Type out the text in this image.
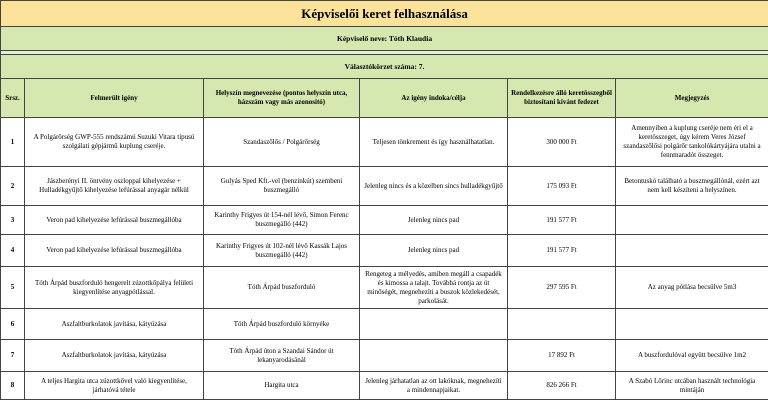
Képviselői keret felhasználása					
Képviselő neve: Tóth Klaudia					

Választókörzet száma: 7.					
Srsz.	Felmerült igény	Helyszín megnevezése (pontos helyszín utca, házszám vagy más azonosító)	Az igény indoka/célja	Rendelkezésre álló keretösszegből biztosítani kívánt fedezet	Megjegyzés
1	A Polgárőrség GWP-555 rendszámú Suzuki Vitara típusú szolgálati gépjármű kuplung cseréje.	Szandaszőlős / Polgárőrség	Teljesen tönkrement és így használhatatlan.	300 000 Ft	Amennyiben a kuplung cseréje nem éri el a keretösszeget, úgy kérem Veres József szandaszőlősi polgárőr tankolókártyájára utalni a fennmaradót összeget.
2	Jászberényi II. öntvény oszloppal kihelyezése + Hulladékgyűjtő kihelyezése lefúrással anyagár nélkül	Gulyás Sped Kft.-vel (benzinkút) szembeni buszmegálló	Jelenleg nincs és a közelben sincs hulladékgyűjtő	175 093 Ft	Betontuskó található a buszmegállónál, ezért azt nem kell készíteni a helyszínen.
3	Veron pad kihelyezése lefúrással buszmegállóba	Karinthy Frigyes út 154-nél lévő, Simon Ferenc buszmegálló (442)	Jelenleg nincs pad	191 577 Ft	
4	Veron pad kihelyezése lefúrással buszmegállóba	Karinthy Frigyes út 102-nél lévő Kassák Lajos buszmegálló (442)	Jelenleg nincs pad	191 577 Ft	
5	Tóth Árpád buszforduló hengerelt zúzottkőpálya felületi kiegyenlítése anyagpótlással.	Tóth Árpád buszforduló	Rengeteg a mélyedés, amiben megáll a csapadék és kimossa a talajt. Továbbá rontja az út minőségét, megnehezíti a buszok közlekedését, parkolását.	297 595 Ft	Az anyag pótlása becsülve 5m3
6	Aszfaltburkolatok javítása, kátyúzása	Tóth Árpád buszforduló környéke			
7	Aszfaltburkolatok javítása, kátyúzása	Tóth Árpád úton a Szandai Sándor út lekanyarodásánál		17 892 Ft	A buszfordulóval együtt becsülve 1m2
8	A teljes Hargita utca zúzottkővel való kiegyenlítése, járhatóvá tétele	Hargita utca	Jelenleg járhatatlan az ott lakóknak, megnehezíti a mindennapjaikat.	826 266 Ft	A Szabó Lőrinc utcában használt technológia mintáján
